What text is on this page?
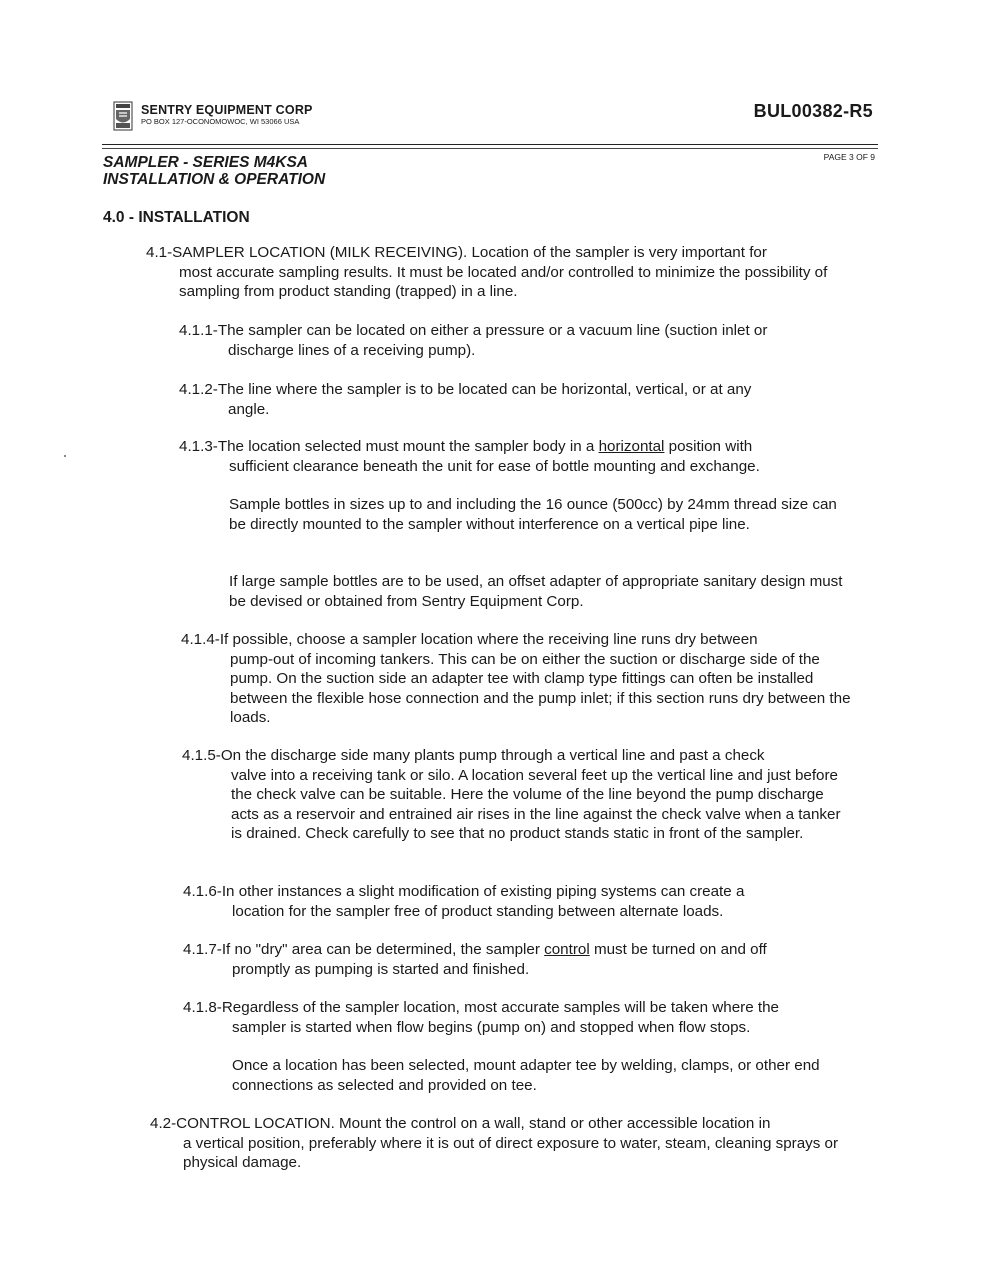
SENTRY EQUIPMENT CORP
PO BOX 127-OCONOMOWOC, WI 53066 USA
BUL00382-R5
SAMPLER - SERIES M4KSA
INSTALLATION & OPERATION
PAGE 3 OF 9
4.0 - INSTALLATION
4.1-SAMPLER LOCATION (MILK RECEIVING). Location of the sampler is very important for
most accurate sampling results. It must be located and/or controlled to minimize the possibility of sampling from product standing (trapped) in a line.
4.1.1-The sampler can be located on either a pressure or a vacuum line (suction inlet or
discharge lines of a receiving pump).
4.1.2-The line where the sampler is to be located can be horizontal, vertical, or at any
angle.
4.1.3-The location selected must mount the sampler body in a horizontal position with
sufficient clearance beneath the unit for ease of bottle mounting and exchange.
Sample bottles in sizes up to and including the 16 ounce (500cc) by 24mm thread size can be directly mounted to the sampler without interference on a vertical pipe line.
If large sample bottles are to be used, an offset adapter of appropriate sanitary design must be devised or obtained from Sentry Equipment Corp.
4.1.4-If possible, choose a sampler location where the receiving line runs dry between
pump-out of incoming tankers. This can be on either the suction or discharge side of the pump. On the suction side an adapter tee with clamp type fittings can often be installed between the flexible hose connection and the pump inlet; if this section runs dry between the loads.
4.1.5-On the discharge side many plants pump through a vertical line and past a check
valve into a receiving tank or silo. A location several feet up the vertical line and just before the check valve can be suitable. Here the volume of the line beyond the pump discharge acts as a reservoir and entrained air rises in the line against the check valve when a tanker is drained. Check carefully to see that no product stands static in front of the sampler.
4.1.6-In other instances a slight modification of existing piping systems can create a
location for the sampler free of product standing between alternate loads.
4.1.7-If no "dry" area can be determined, the sampler control must be turned on and off
promptly as pumping is started and finished.
4.1.8-Regardless of the sampler location, most accurate samples will be taken where the
sampler is started when flow begins (pump on) and stopped when flow stops.
Once a location has been selected, mount adapter tee by welding, clamps, or other end connections as selected and provided on tee.
4.2-CONTROL LOCATION. Mount the control on a wall, stand or other accessible location in
a vertical position, preferably where it is out of direct exposure to water, steam, cleaning sprays or physical damage.
